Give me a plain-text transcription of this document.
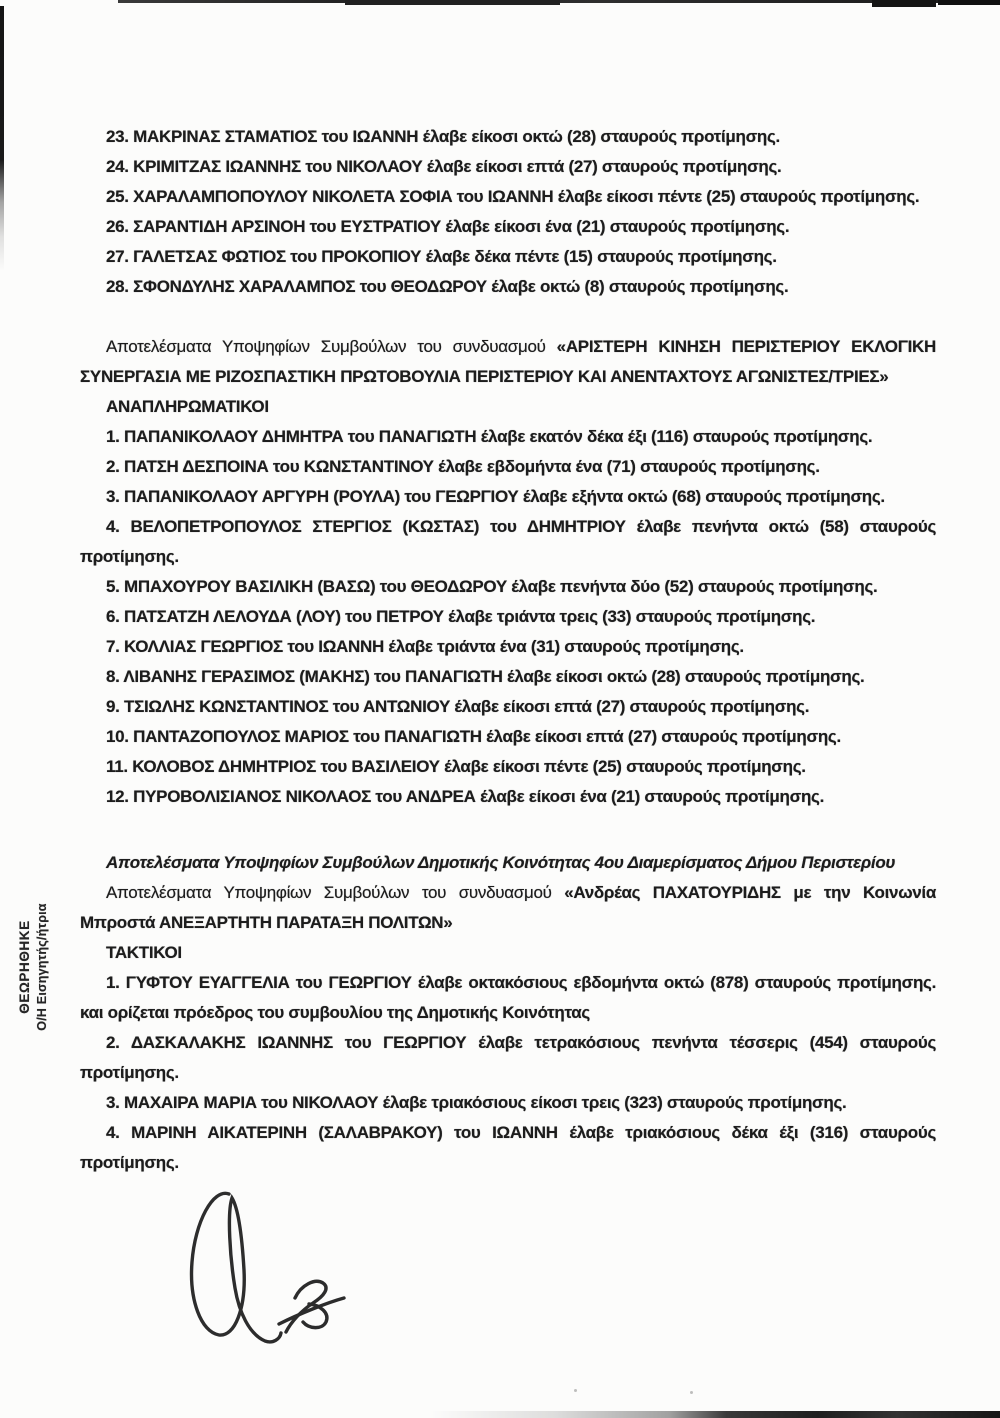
ΘΕΩΡΗΘΗΚΕ Ο/Η Εισηγητής/ήτρια

23. ΜΑΚΡΙΝΑΣ ΣΤΑΜΑΤΙΟΣ του ΙΩΑΝΝΗ έλαβε είκοσι οκτώ (28) σταυρούς προτίμησης.

24. ΚΡΙΜΙΤΖΑΣ ΙΩΑΝΝΗΣ του ΝΙΚΟΛΑΟΥ έλαβε είκοσι επτά (27) σταυρούς προτίμησης.

25. ΧΑΡΑΛΑΜΠΟΠΟΥΛΟΥ ΝΙΚΟΛΕΤΑ ΣΟΦΙΑ του ΙΩΑΝΝΗ έλαβε είκοσι πέντε (25) σταυρούς προτίμησης.

26. ΣΑΡΑΝΤΙΔΗ ΑΡΣΙΝΟΗ του ΕΥΣΤΡΑΤΙΟΥ έλαβε είκοσι ένα (21) σταυρούς προτίμησης.

27. ΓΑΛΕΤΣΑΣ ΦΩΤΙΟΣ του ΠΡΟΚΟΠΙΟΥ έλαβε δέκα πέντε (15) σταυρούς προτίμησης.

28. ΣΦΟΝΔΥΛΗΣ ΧΑΡΑΛΑΜΠΟΣ του ΘΕΟΔΩΡΟΥ έλαβε οκτώ (8) σταυρούς προτίμησης.

Αποτελέσματα Υποψηφίων Συμβούλων του συνδυασμού «ΑΡΙΣΤΕΡΗ ΚΙΝΗΣΗ ΠΕΡΙΣΤΕΡΙΟΥ ΕΚΛΟΓΙΚΗ ΣΥΝΕΡΓΑΣΙΑ ΜΕ ΡΙΖΟΣΠΑΣΤΙΚΗ ΠΡΩΤΟΒΟΥΛΙΑ ΠΕΡΙΣΤΕΡΙΟΥ ΚΑΙ ΑΝΕΝΤΑΧΤΟΥΣ ΑΓΩΝΙΣΤΕΣ/ΤΡΙΕΣ»

ΑΝΑΠΛΗΡΩΜΑΤΙΚΟΙ

1. ΠΑΠΑΝΙΚΟΛΑΟΥ ΔΗΜΗΤΡΑ του ΠΑΝΑΓΙΩΤΗ έλαβε εκατόν δέκα έξι (116) σταυρούς προτίμησης.

2. ΠΑΤΣΗ ΔΕΣΠΟΙΝΑ του ΚΩΝΣΤΑΝΤΙΝΟΥ έλαβε εβδομήντα ένα (71) σταυρούς προτίμησης.

3. ΠΑΠΑΝΙΚΟΛΑΟΥ ΑΡΓΥΡΗ (ΡΟΥΛΑ) του ΓΕΩΡΓΙΟΥ έλαβε εξήντα οκτώ (68) σταυρούς προτίμησης.

4. ΒΕΛΟΠΕΤΡΟΠΟΥΛΟΣ ΣΤΕΡΓΙΟΣ (ΚΩΣΤΑΣ) του ΔΗΜΗΤΡΙΟΥ έλαβε πενήντα οκτώ (58) σταυρούς προτίμησης.

5. ΜΠΑΧΟΥΡΟΥ ΒΑΣΙΛΙΚΗ (ΒΑΣΩ) του ΘΕΟΔΩΡΟΥ έλαβε πενήντα δύο (52) σταυρούς προτίμησης.

6. ΠΑΤΣΑΤΖΗ ΛΕΛΟΥΔΑ (ΛΟΥ) του ΠΕΤΡΟΥ έλαβε τριάντα τρεις (33) σταυρούς προτίμησης.

7. ΚΟΛΛΙΑΣ ΓΕΩΡΓΙΟΣ του ΙΩΑΝΝΗ έλαβε τριάντα ένα (31) σταυρούς προτίμησης.

8. ΛΙΒΑΝΗΣ ΓΕΡΑΣΙΜΟΣ (ΜΑΚΗΣ) του ΠΑΝΑΓΙΩΤΗ έλαβε είκοσι οκτώ (28) σταυρούς προτίμησης.

9. ΤΣΙΩΛΗΣ ΚΩΝΣΤΑΝΤΙΝΟΣ του ΑΝΤΩΝΙΟΥ έλαβε είκοσι επτά (27) σταυρούς προτίμησης.

10. ΠΑΝΤΑΖΟΠΟΥΛΟΣ ΜΑΡΙΟΣ του ΠΑΝΑΓΙΩΤΗ έλαβε είκοσι επτά (27) σταυρούς προτίμησης.

11. ΚΟΛΟΒΟΣ ΔΗΜΗΤΡΙΟΣ του ΒΑΣΙΛΕΙΟΥ έλαβε είκοσι πέντε (25) σταυρούς προτίμησης.

12. ΠΥΡΟΒΟΛΙΣΙΑΝΟΣ ΝΙΚΟΛΑΟΣ του ΑΝΔΡΕΑ έλαβε είκοσι ένα (21) σταυρούς προτίμησης.

Αποτελέσματα Υποψηφίων Συμβούλων Δημοτικής Κοινότητας 4ου Διαμερίσματος Δήμου Περιστερίου

Αποτελέσματα Υποψηφίων Συμβούλων του συνδυασμού «Ανδρέας ΠΑΧΑΤΟΥΡΙΔΗΣ με την Κοινωνία Μπροστά ΑΝΕΞΑΡΤΗΤΗ ΠΑΡΑΤΑΞΗ ΠΟΛΙΤΩΝ»

ΤΑΚΤΙΚΟΙ

1. ΓΥΦΤΟΥ ΕΥΑΓΓΕΛΙΑ του ΓΕΩΡΓΙΟΥ έλαβε οκτακόσιους εβδομήντα οκτώ (878) σταυρούς προτίμησης. και ορίζεται πρόεδρος του συμβουλίου της Δημοτικής Κοινότητας

2. ΔΑΣΚΑΛΑΚΗΣ ΙΩΑΝΝΗΣ του ΓΕΩΡΓΙΟΥ έλαβε τετρακόσιους πενήντα τέσσερις (454) σταυρούς προτίμησης.

3. ΜΑΧΑΙΡΑ ΜΑΡΙΑ του ΝΙΚΟΛΑΟΥ έλαβε τριακόσιους είκοσι τρεις (323) σταυρούς προτίμησης.

4. ΜΑΡΙΝΗ ΑΙΚΑΤΕΡΙΝΗ (ΣΑΛΑΒΡΑΚΟΥ) του ΙΩΑΝΝΗ έλαβε τριακόσιους δέκα έξι (316) σταυρούς προτίμησης.
